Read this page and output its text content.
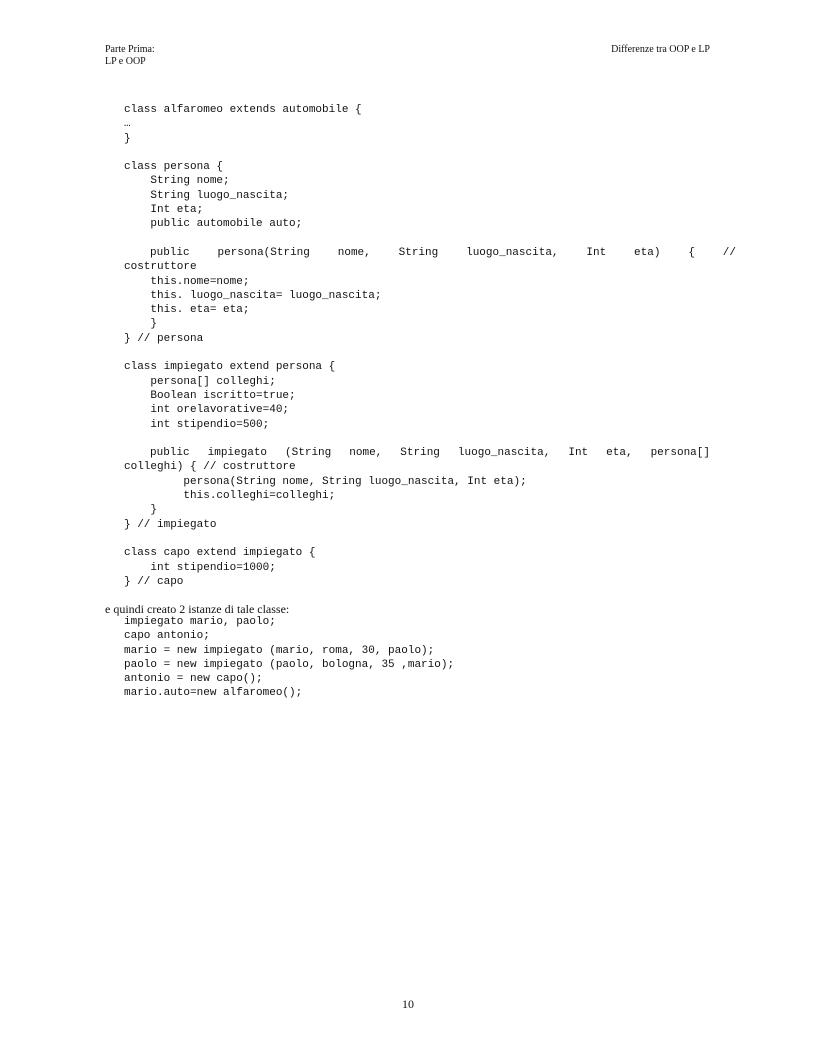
Parte Prima:
LP e OOP
Differenze tra OOP e LP
class alfaromeo extends automobile {
…
}
class persona {
String nome;
String luogo_nascita;
Int eta;
public automobile auto;
public persona(String nome, String luogo_nascita, Int eta) { //
costruttore
this.nome=nome;
this. luogo_nascita= luogo_nascita;
this. eta= eta;
}
} // persona
class impiegato extend persona {
persona[] colleghi;
Boolean iscritto=true;
int orelavorative=40;
int stipendio=500;
public impiegato (String nome, String luogo_nascita, Int eta, persona[]
colleghi) { // costruttore
persona(String nome, String luogo_nascita, Int eta);
this.colleghi=colleghi;
}
} // impiegato
class capo extend impiegato {
int stipendio=1000;
} // capo
e quindi creato 2 istanze di tale classe:
impiegato mario, paolo;
capo antonio;
mario = new impiegato (mario, roma, 30, paolo);
paolo = new impiegato (paolo, bologna, 35 ,mario);
antonio = new capo();
mario.auto=new alfaromeo();
10
